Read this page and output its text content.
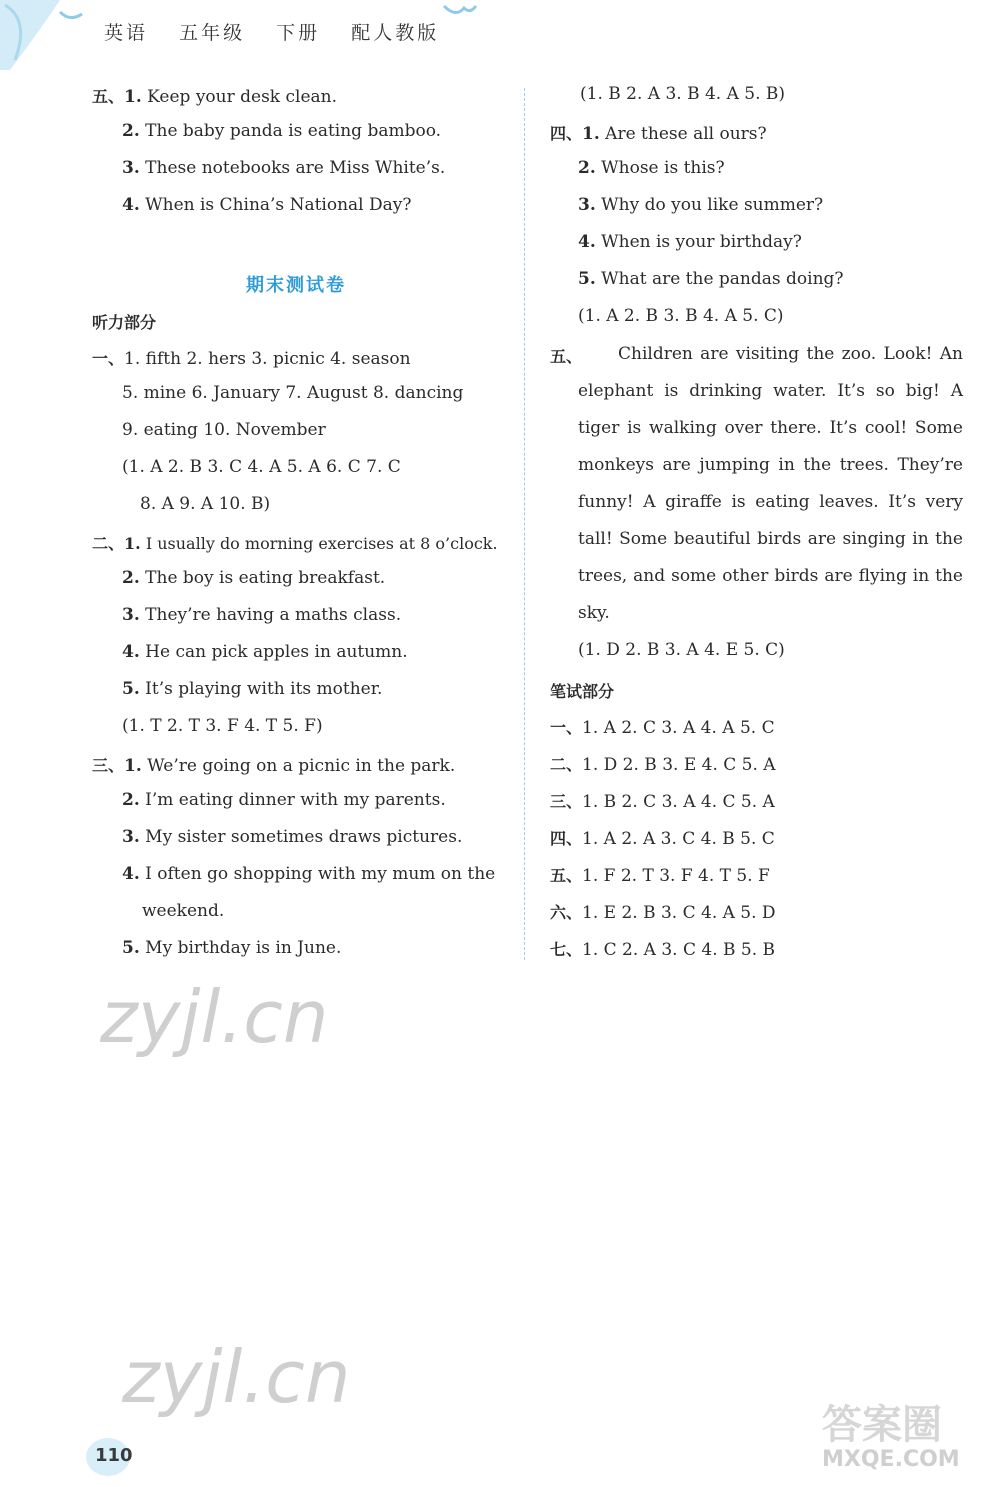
英语 五年级 下册 配人教版
五、1. Keep your desk clean.
2. The baby panda is eating bamboo.
3. These notebooks are Miss White’s.
4. When is China’s National Day?
期末测试卷
听力部分
一、1. fifth 2. hers 3. picnic 4. season
5. mine 6. January 7. August 8. dancing
9. eating 10. November
(1. A 2. B 3. C 4. A 5. A 6. C 7. C
8. A 9. A 10. B)
二、1. I usually do morning exercises at 8 o’clock.
2. The boy is eating breakfast.
3. They’re having a maths class.
4. He can pick apples in autumn.
5. It’s playing with its mother.
(1. T 2. T 3. F 4. T 5. F)
三、1. We’re going on a picnic in the park.
2. I’m eating dinner with my parents.
3. My sister sometimes draws pictures.
4. I often go shopping with my mum on the
weekend.
5. My birthday is in June.
(1. B 2. A 3. B 4. A 5. B)
四、1. Are these all ours?
2. Whose is this?
3. Why do you like summer?
4. When is your birthday?
5. What are the pandas doing?
(1. A 2. B 3. B 4. A 5. C)
五、 Children are visiting the zoo. Look! An
elephant is drinking water. It’s so big! A
tiger is walking over there. It’s cool! Some
monkeys are jumping in the trees. They’re
funny! A giraffe is eating leaves. It’s very
tall! Some beautiful birds are singing in the
trees, and some other birds are flying in the
sky.
(1. D 2. B 3. A 4. E 5. C)
笔试部分
一、1. A 2. C 3. A 4. A 5. C
二、1. D 2. B 3. E 4. C 5. A
三、1. B 2. C 3. A 4. C 5. A
四、1. A 2. A 3. C 4. B 5. C
五、1. F 2. T 3. F 4. T 5. F
六、1. E 2. B 3. C 4. A 5. D
七、1. C 2. A 3. C 4. B 5. B
zyjl.cn
zyjl.cn
答案圈
MXQE.COM
110
